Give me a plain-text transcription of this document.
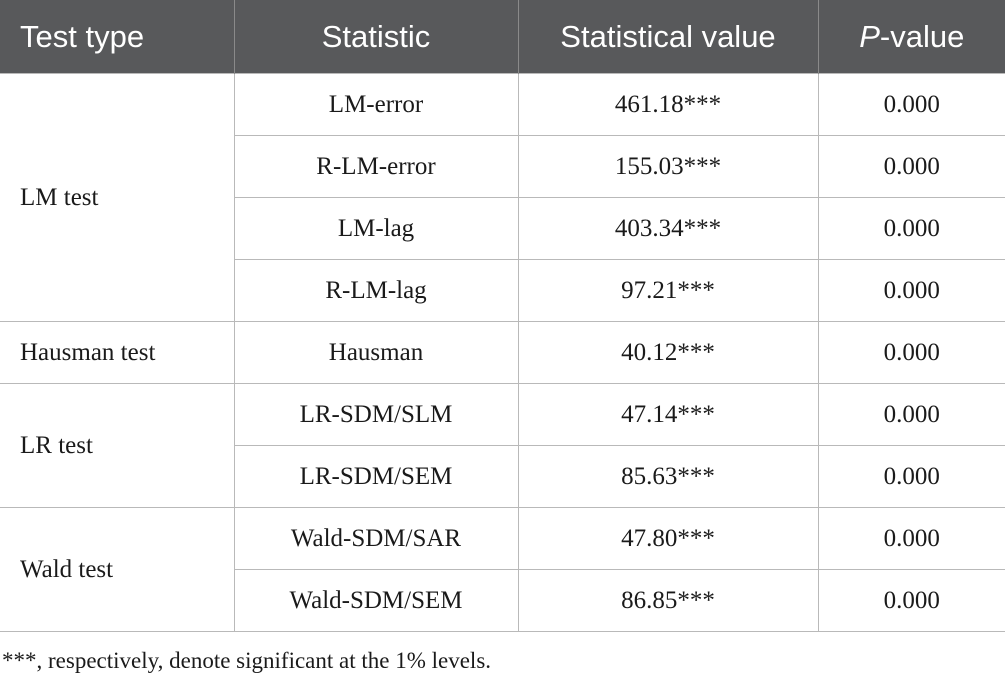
Test type	Statistic	Statistical value	P-value
LM test	LM-error	461.18***	0.000
	R-LM-error	155.03***	0.000
	LM-lag	403.34***	0.000
	R-LM-lag	97.21***	0.000
Hausman test	Hausman	40.12***	0.000
LR test	LR-SDM/SLM	47.14***	0.000
	LR-SDM/SEM	85.63***	0.000
Wald test	Wald-SDM/SAR	47.80***	0.000
	Wald-SDM/SEM	86.85***	0.000
***, respectively, denote significant at the 1% levels.
